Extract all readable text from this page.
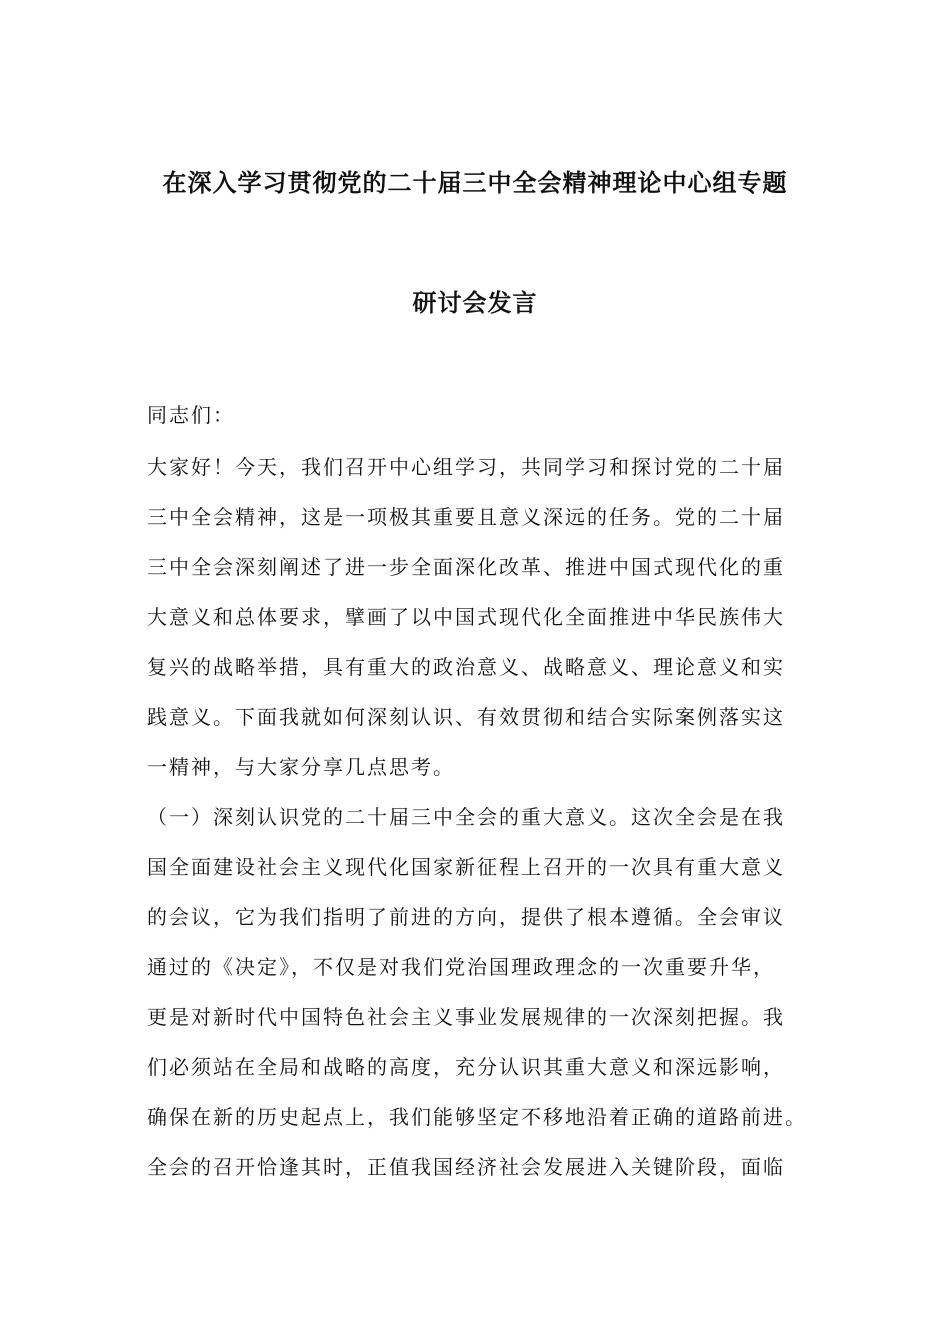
在深入学习贯彻党的二十届三中全会精神理论中心组专题
研讨会发言
同志们：
大家好！今天，我们召开中心组学习，共同学习和探讨党的二十届
三中全会精神，这是一项极其重要且意义深远的任务。党的二十届
三中全会深刻阐述了进一步全面深化改革、推进中国式现代化的重
大意义和总体要求，擘画了以中国式现代化全面推进中华民族伟大
复兴的战略举措，具有重大的政治意义、战略意义、理论意义和实
践意义。下面我就如何深刻认识、有效贯彻和结合实际案例落实这
一精神，与大家分享几点思考。
（一）深刻认识党的二十届三中全会的重大意义。这次全会是在我
国全面建设社会主义现代化国家新征程上召开的一次具有重大意义
的会议，它为我们指明了前进的方向，提供了根本遵循。全会审议
通过的《决定》，不仅是对我们党治国理政理念的一次重要升华，
更是对新时代中国特色社会主义事业发展规律的一次深刻把握。我
们必须站在全局和战略的高度，充分认识其重大意义和深远影响，
确保在新的历史起点上，我们能够坚定不移地沿着正确的道路前进。
全会的召开恰逢其时，正值我国经济社会发展进入关键阶段，面临
